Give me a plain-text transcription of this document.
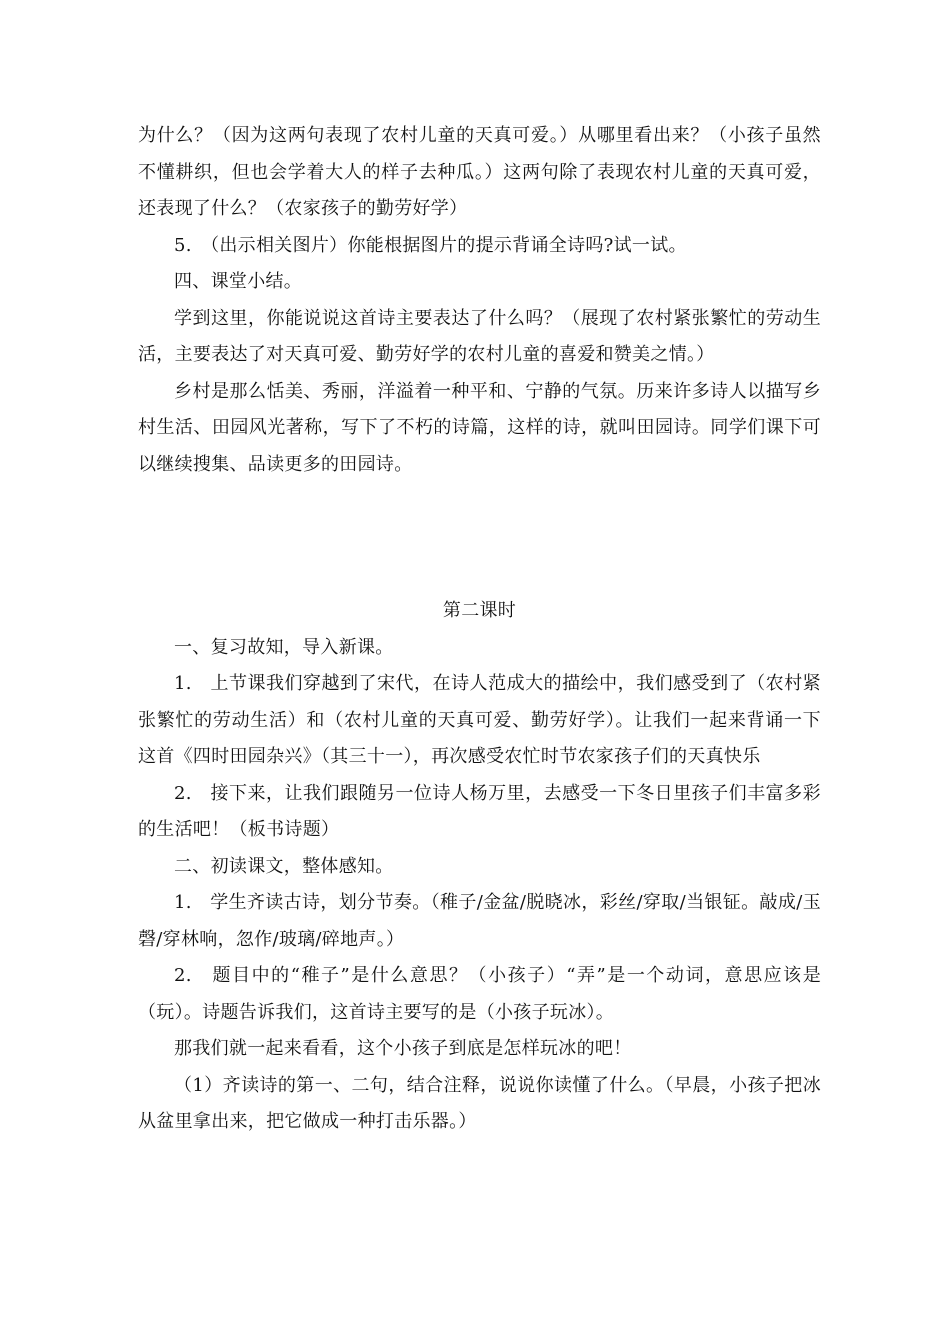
为什么？（因为这两句表现了农村儿童的天真可爱。）从哪里看出来？（小孩子虽然不懂耕织，但也会学着大人的样子去种瓜。）这两句除了表现农村儿童的天真可爱，还表现了什么？（农家孩子的勤劳好学）

5.　（出示相关图片）你能根据图片的提示背诵全诗吗?试一试。

四、课堂小结。

学到这里，你能说说这首诗主要表达了什么吗？（展现了农村紧张繁忙的劳动生活，主要表达了对天真可爱、勤劳好学的农村儿童的喜爱和赞美之情。）

乡村是那么恬美、秀丽，洋溢着一种平和、宁静的气氛。历来许多诗人以描写乡村生活、田园风光著称，写下了不朽的诗篇，这样的诗，就叫田园诗。同学们课下可以继续搜集、品读更多的田园诗。

第二课时

一、复习故知，导入新课。

1.　上节课我们穿越到了宋代，在诗人范成大的描绘中，我们感受到了（农村紧张繁忙的劳动生活）和（农村儿童的天真可爱、勤劳好学）。让我们一起来背诵一下这首《四时田园杂兴》（其三十一），再次感受农忙时节农家孩子们的天真快乐

2.　接下来，让我们跟随另一位诗人杨万里，去感受一下冬日里孩子们丰富多彩的生活吧！（板书诗题）

二、初读课文，整体感知。

1.　学生齐读古诗，划分节奏。（稚子/金盆/脱晓冰，彩丝/穿取/当银钲。敲成/玉磬/穿林响，忽作/玻璃/碎地声。）

2.　题目中的“稚子”是什么意思？（小孩子）“弄”是一个动词，意思应该是（玩）。诗题告诉我们，这首诗主要写的是（小孩子玩冰）。

那我们就一起来看看，这个小孩子到底是怎样玩冰的吧！

（1）齐读诗的第一、二句，结合注释，说说你读懂了什么。（早晨，小孩子把冰从盆里拿出来，把它做成一种打击乐器。）
